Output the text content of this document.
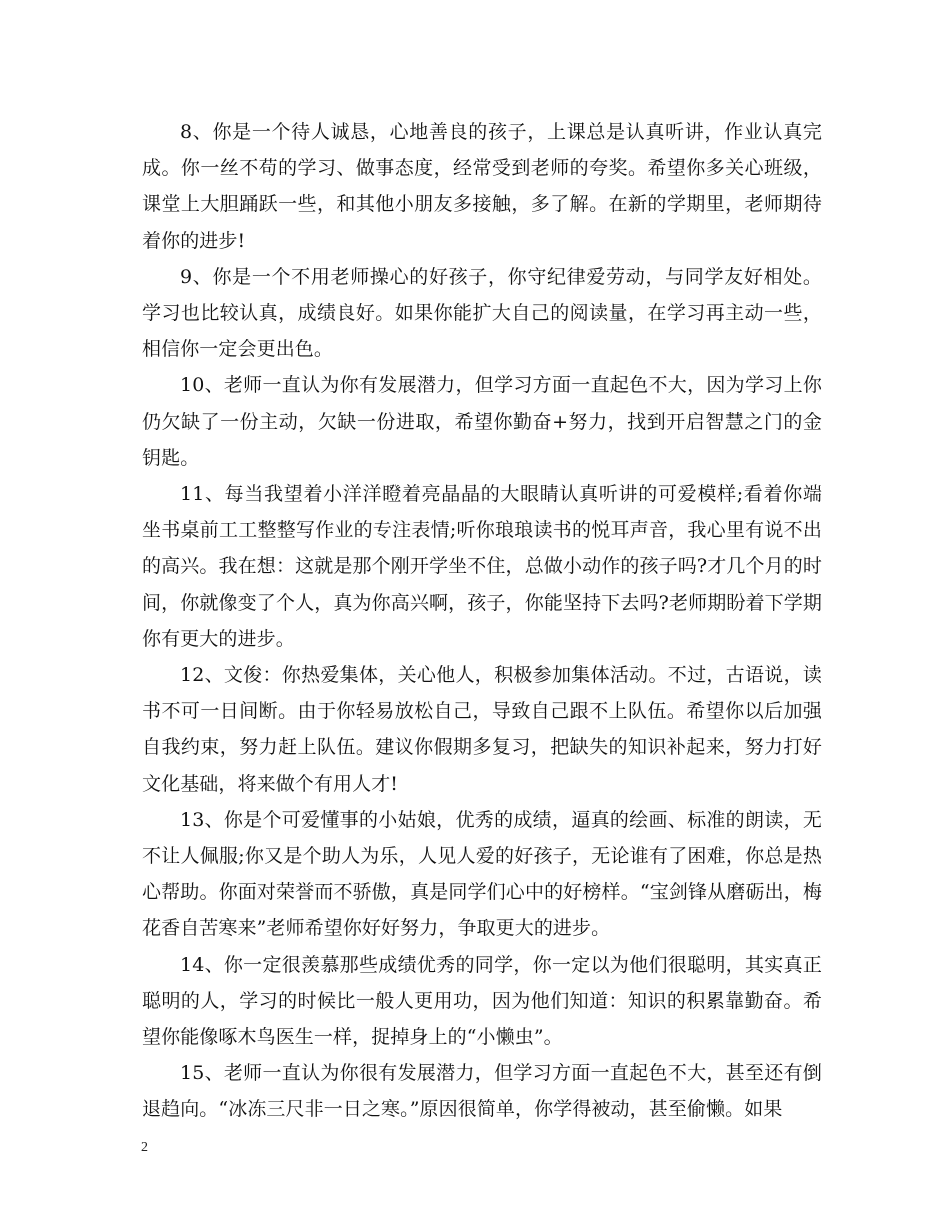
8、你是一个待人诚恳，心地善良的孩子，上课总是认真听讲，作业认真完成。你一丝不苟的学习、做事态度，经常受到老师的夸奖。希望你多关心班级，课堂上大胆踊跃一些，和其他小朋友多接触，多了解。在新的学期里，老师期待着你的进步!

9、你是一个不用老师操心的好孩子，你守纪律爱劳动，与同学友好相处。学习也比较认真，成绩良好。如果你能扩大自己的阅读量，在学习再主动一些，相信你一定会更出色。

10、老师一直认为你有发展潜力，但学习方面一直起色不大，因为学习上你仍欠缺了一份主动，欠缺一份进取，希望你勤奋+努力，找到开启智慧之门的金钥匙。

11、每当我望着小洋洋瞪着亮晶晶的大眼睛认真听讲的可爱模样;看着你端坐书桌前工工整整写作业的专注表情;听你琅琅读书的悦耳声音，我心里有说不出的高兴。我在想：这就是那个刚开学坐不住，总做小动作的孩子吗?才几个月的时间，你就像变了个人，真为你高兴啊，孩子，你能坚持下去吗?老师期盼着下学期你有更大的进步。

12、文俊：你热爱集体，关心他人，积极参加集体活动。不过，古语说，读书不可一日间断。由于你轻易放松自己，导致自己跟不上队伍。希望你以后加强自我约束，努力赶上队伍。建议你假期多复习，把缺失的知识补起来，努力打好文化基础，将来做个有用人才!

13、你是个可爱懂事的小姑娘，优秀的成绩，逼真的绘画、标准的朗读，无不让人佩服;你又是个助人为乐，人见人爱的好孩子，无论谁有了困难，你总是热心帮助。你面对荣誉而不骄傲，真是同学们心中的好榜样。“宝剑锋从磨砺出，梅花香自苦寒来”老师希望你好好努力，争取更大的进步。

14、你一定很羡慕那些成绩优秀的同学，你一定以为他们很聪明，其实真正聪明的人，学习的时候比一般人更用功，因为他们知道：知识的积累靠勤奋。希望你能像啄木鸟医生一样，捉掉身上的“小懒虫”。

15、老师一直认为你很有发展潜力，但学习方面一直起色不大，甚至还有倒退趋向。“冰冻三尺非一日之寒。”原因很简单，你学得被动，甚至偷懒。如果

2
